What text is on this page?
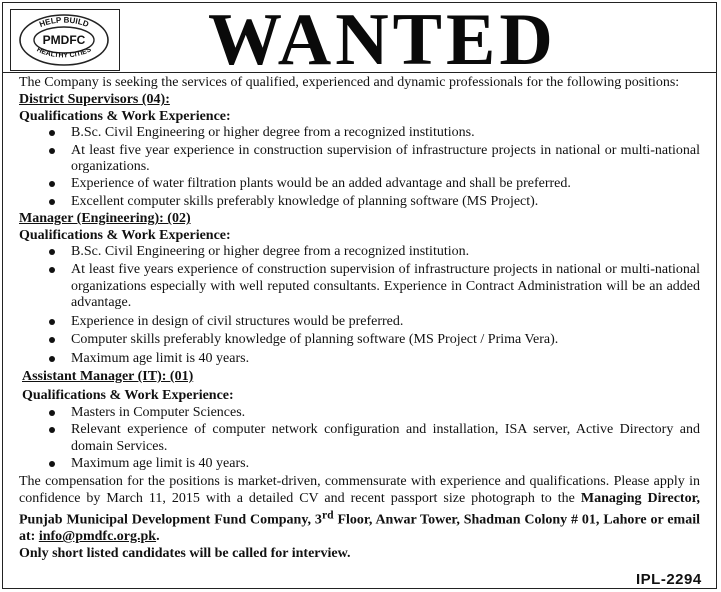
HELP BUILD
HEALTHY CITIES
PMDFC WANTED

The Company is seeking the services of qualified, experienced and dynamic professionals for the following positions:

District Supervisors (04):
Qualifications & Work Experience:
B.Sc. Civil Engineering or higher degree from a recognized institutions.
At least five year experience in construction supervision of infrastructure projects in national or multi-national organizations.
Experience of water filtration plants would be an added advantage and shall be preferred.
Excellent computer skills preferably knowledge of planning software (MS Project).
Manager (Engineering): (02)
Qualifications & Work Experience:
B.Sc. Civil Engineering or higher degree from a recognized institution.
At least five years experience of construction supervision of infrastructure projects in national or multi-national organizations especially with well reputed consultants. Experience in Contract Administration will be an added advantage.
Experience in design of civil structures would be preferred.
Computer skills preferably knowledge of planning software (MS Project / Prima Vera).
Maximum age limit is 40 years.
Assistant Manager (IT): (01)
Qualifications & Work Experience:
Masters in Computer Sciences.
Relevant experience of computer network configuration and installation, ISA server, Active Directory and domain Services.
Maximum age limit is 40 years.

The compensation for the positions is market-driven, commensurate with experience and qualifications. Please apply in confidence by March 11, 2015 with a detailed CV and recent passport size photograph to the Managing Director, Punjab Municipal Development Fund Company, 3rd Floor, Anwar Tower, Shadman Colony # 01, Lahore or email at: info@pmdfc.org.pk.
Only short listed candidates will be called for interview.

IPL-2294
